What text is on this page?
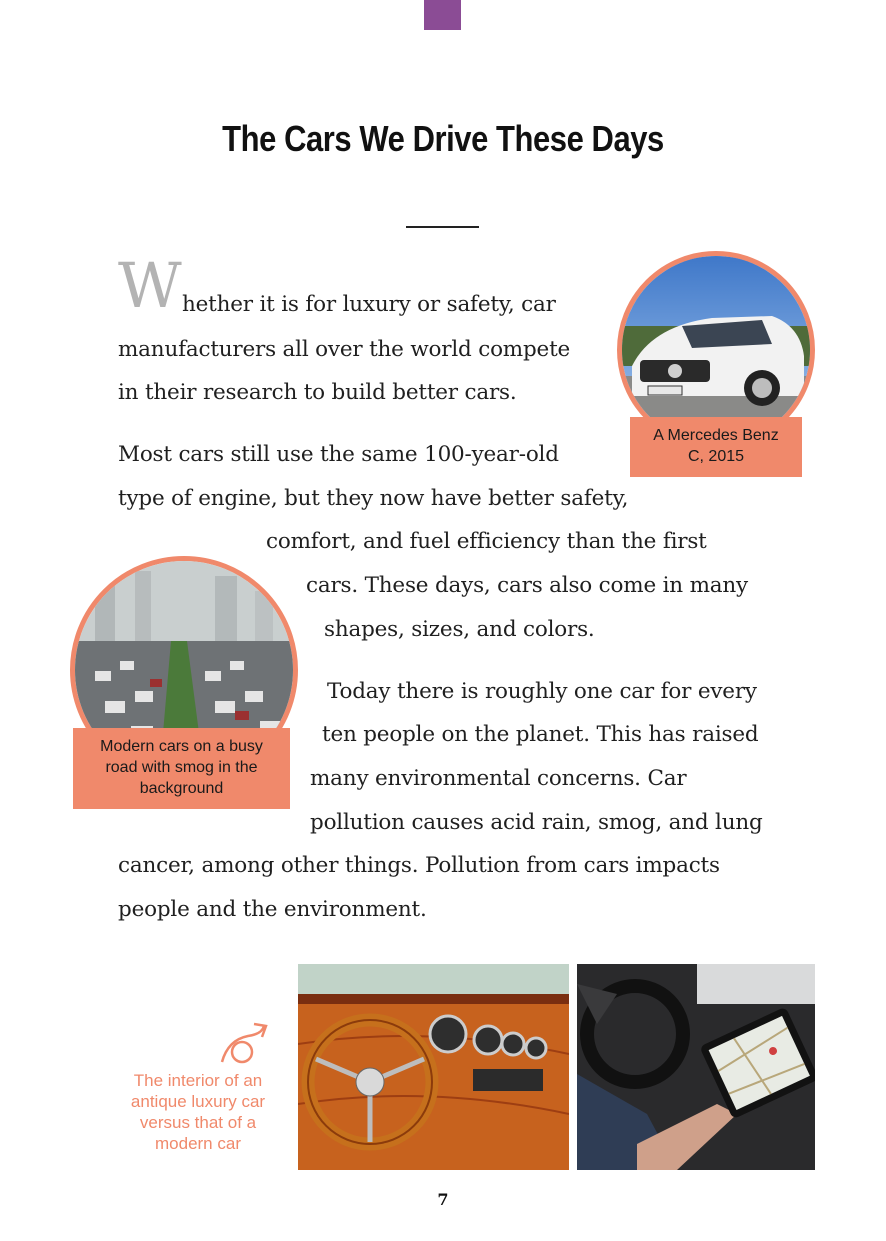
The Cars We Drive These Days
W hether it is for luxury or safety, car
manufacturers all over the world compete
in their research to build better cars.
Most cars still use the same 100-year-old
type of engine, but they now have better safety,
comfort, and fuel efficiency than the first
cars. These days, cars also come in many
shapes, sizes, and colors.
Today there is roughly one car for every
ten people on the planet. This has raised
many environmental concerns. Car
pollution causes acid rain, smog, and lung
cancer, among other things. Pollution from cars impacts
people and the environment.
A Mercedes Benz
C, 2015
Modern cars on a busy
road with smog in the
background
The interior of an
antique luxury car
versus that of a
modern car
7
